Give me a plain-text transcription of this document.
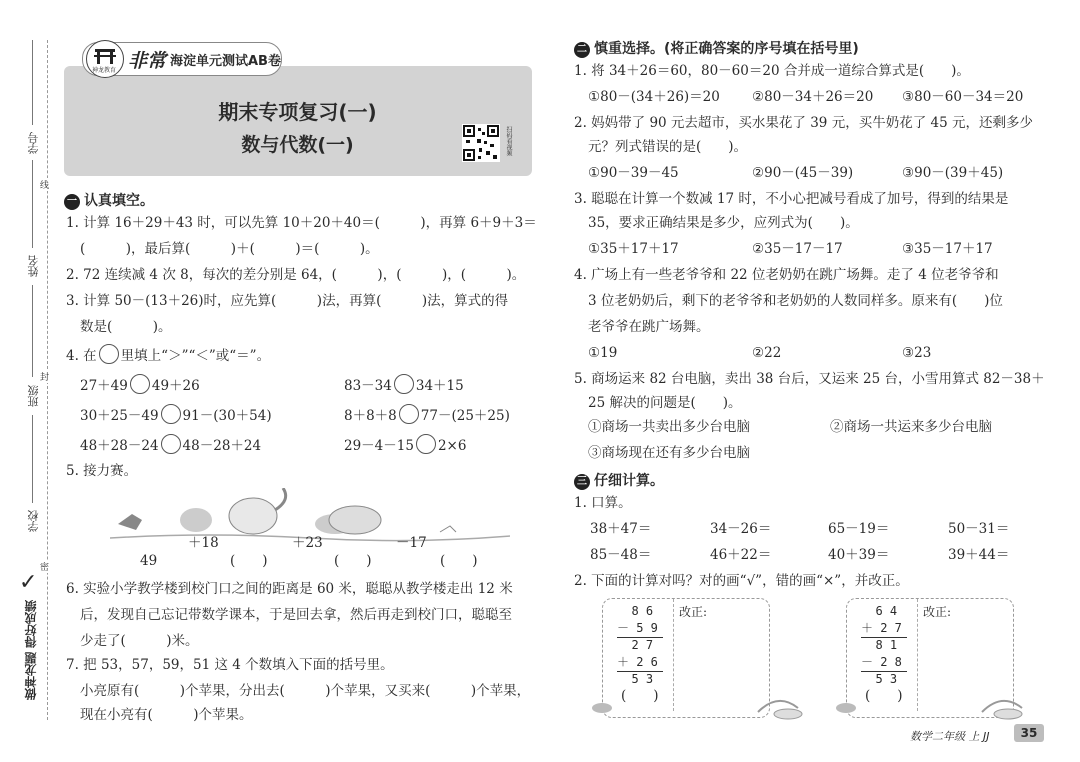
学号
姓名
班级
学校
线
封
密
✓
做神龙题 得好成绩
神龙教育 非常 海淀单元测试AB卷
期末专项复习(一)
数与代数(一)	扫码看视频
一 认真填空。
1. 计算 16＋29＋43 时，可以先算 10＋20＋40＝(　　　)，再算 6＋9＋3＝
(　　　)，最后算(　　　)＋(　　　)＝(　　　)。
2. 72 连续减 4 次 8，每次的差分别是 64，(　　　)，(　　　)，(　　　)。
3. 计算 50－(13＋26)时，应先算(　　　)法，再算(　　　)法，算式的得
数是(　　　)。
4. 在 里填上“＞”“＜”或“＝”。
27＋49 49＋26	83－34 34＋15
30＋25－49 91－(30＋54)	8＋8＋8 77－(25＋25)
48＋28－24 48－28＋24	29－4－15 2×6
5. 接力赛。
49
＋18
(　　)
＋23
(　　)
－17
(　　)
6. 实验小学教学楼到校门口之间的距离是 60 米，聪聪从教学楼走出 12 米
后，发现自己忘记带数学课本，于是回去拿，然后再走到校门口，聪聪至
少走了(　　　)米。
7. 把 53，57，59，51 这 4 个数填入下面的括号里。
小亮原有(　　　)个苹果，分出去(　　　)个苹果，又买来(　　　)个苹果，
现在小亮有(　　　)个苹果。
二 慎重选择。(将正确答案的序号填在括号里)
1. 将 34＋26＝60，80－60＝20 合并成一道综合算式是(　　)。
①80－(34＋26)＝20 ②80－34＋26＝20 ③80－60－34＝20
2. 妈妈带了 90 元去超市，买水果花了 39 元，买牛奶花了 45 元，还剩多少
元？列式错误的是(　　)。
①90－39－45	②90－(45－39)	③90－(39＋45)
3. 聪聪在计算一个数减 17 时，不小心把减号看成了加号，得到的结果是
35，要求正确结果是多少，应列式为(　　)。
①35＋17＋17	②35－17－17	③35－17＋17
4. 广场上有一些老爷爷和 22 位老奶奶在跳广场舞。走了 4 位老爷爷和
3 位老奶奶后，剩下的老爷爷和老奶奶的人数同样多。原来有(　　)位
老爷爷在跳广场舞。
①19	②22	③23
5. 商场运来 82 台电脑，卖出 38 台后，又运来 25 台，小雪用算式 82－38＋
25 解决的问题是(　　)。
①商场一共卖出多少台电脑	②商场一共运来多少台电脑
③商场现在还有多少台电脑
三 仔细计算。
1. 口算。
38＋47＝	34－26＝	65－19＝	50－31＝
85－48＝	46＋22＝	40＋39＝	39＋44＝
2. 下面的计算对吗？对的画“√”，错的画“×”，并改正。
8 6
－ 5 9
2 7
＋ 2 6
5 3
(　　)
改正:	6 4
＋ 2 7
8 1
－ 2 8
5 3
(　　)
改正:
数学二年级 上 JJ	35
